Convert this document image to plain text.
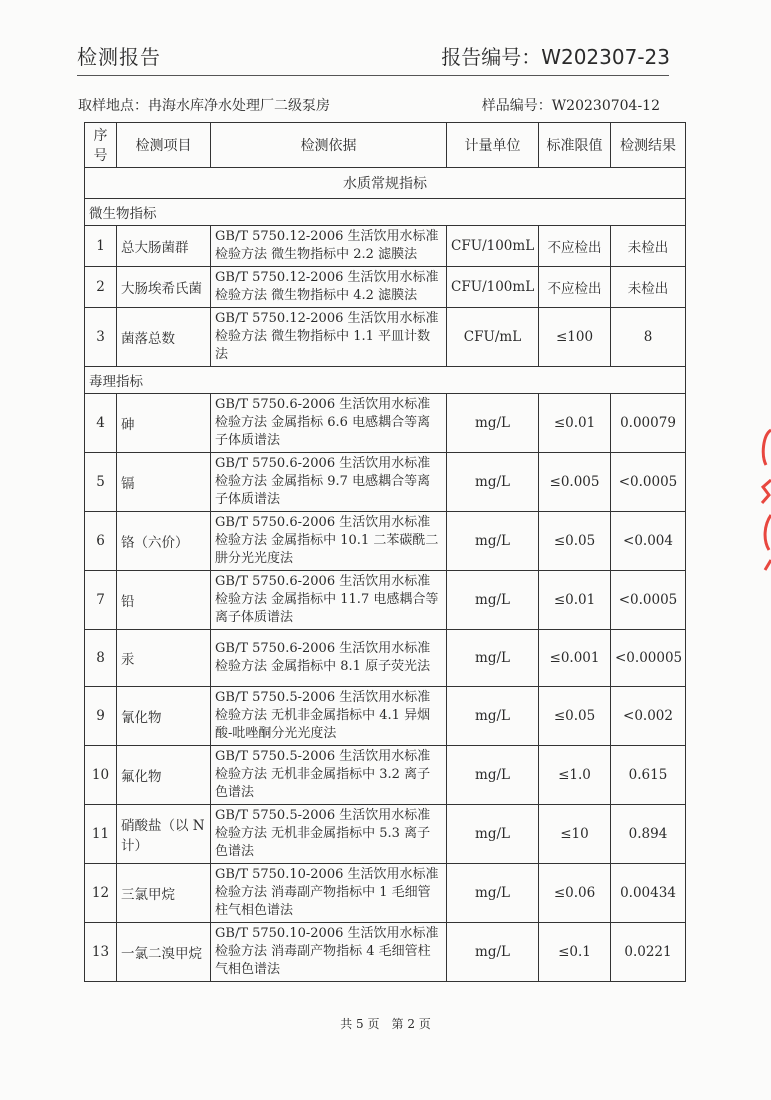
检测报告	报告编号：W202307-23
取样地点：冉海水库净水处理厂二级泵房	样品编号：W20230704-12
序号	检测项目	检测依据	计量单位	标准限值	检测结果
水质常规指标					
微生物指标					
1	总大肠菌群	GB/T 5750.12-2006 生活饮用水标准检验方法 微生物指标中 2.2 滤膜法	CFU/100mL	不应检出	未检出
2	大肠埃希氏菌	GB/T 5750.12-2006 生活饮用水标准检验方法 微生物指标中 4.2 滤膜法	CFU/100mL	不应检出	未检出
3	菌落总数	GB/T 5750.12-2006 生活饮用水标准检验方法 微生物指标中 1.1 平皿计数法	CFU/mL	≤100	8
毒理指标					
4	砷	GB/T 5750.6-2006 生活饮用水标准检验方法 金属指标 6.6 电感耦合等离子体质谱法	mg/L	≤0.01	0.00079
5	镉	GB/T 5750.6-2006 生活饮用水标准检验方法 金属指标 9.7 电感耦合等离子体质谱法	mg/L	≤0.005	<0.0005
6	铬（六价）	GB/T 5750.6-2006 生活饮用水标准检验方法 金属指标中 10.1 二苯碳酰二肼分光光度法	mg/L	≤0.05	<0.004
7	铅	GB/T 5750.6-2006 生活饮用水标准检验方法 金属指标中 11.7 电感耦合等离子体质谱法	mg/L	≤0.01	<0.0005
8	汞	GB/T 5750.6-2006 生活饮用水标准检验方法 金属指标中 8.1 原子荧光法	mg/L	≤0.001	<0.00005
9	氰化物	GB/T 5750.5-2006 生活饮用水标准检验方法 无机非金属指标中 4.1 异烟酸-吡唑酮分光光度法	mg/L	≤0.05	<0.002
10	氟化物	GB/T 5750.5-2006 生活饮用水标准检验方法 无机非金属指标中 3.2 离子色谱法	mg/L	≤1.0	0.615
11	硝酸盐（以 N 计）	GB/T 5750.5-2006 生活饮用水标准检验方法 无机非金属指标中 5.3 离子色谱法	mg/L	≤10	0.894
12	三氯甲烷	GB/T 5750.10-2006 生活饮用水标准检验方法 消毒副产物指标中 1 毛细管柱气相色谱法	mg/L	≤0.06	0.00434
13	一氯二溴甲烷	GB/T 5750.10-2006 生活饮用水标准检验方法 消毒副产物指标 4 毛细管柱气相色谱法	mg/L	≤0.1	0.0221
共 5 页　第 2 页
